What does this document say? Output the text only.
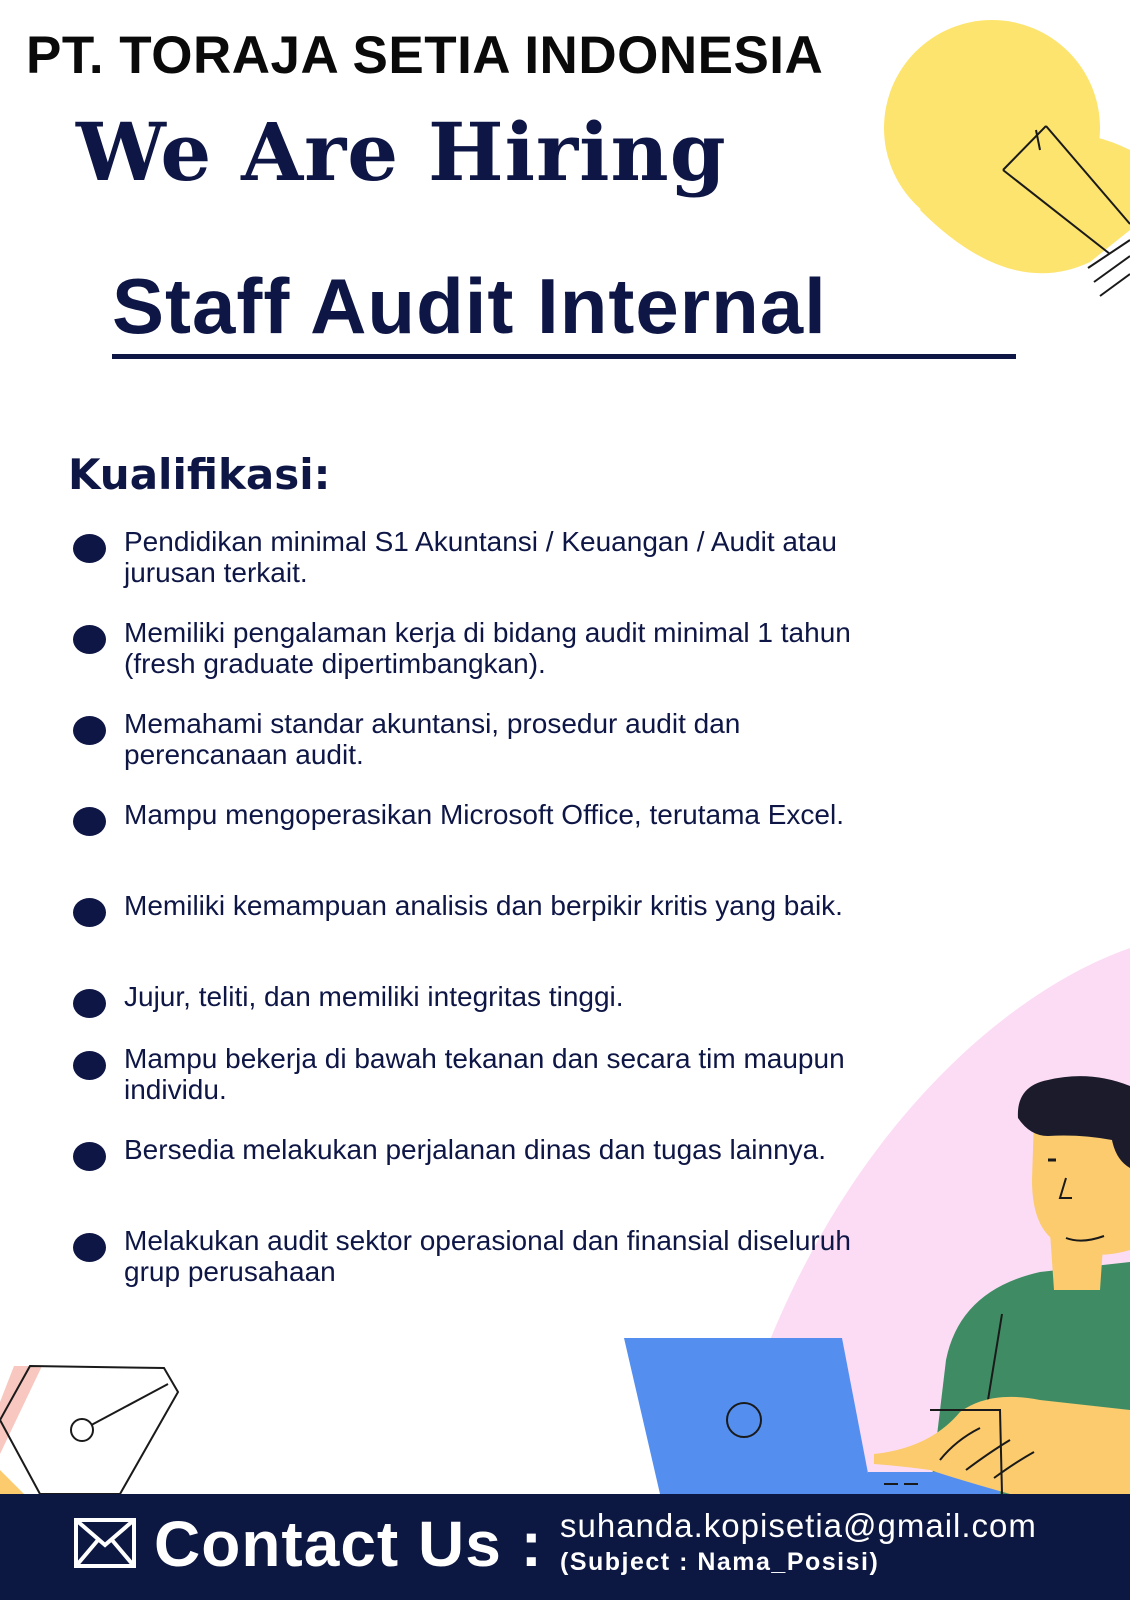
PT. TORAJA SETIA INDONESIA
We Are Hiring
Staff Audit Internal
Kualifikasi:

Pendidikan minimal S1 Akuntansi / Keuangan / Audit atau jurusan terkait.

Memiliki pengalaman kerja di bidang audit minimal 1 tahun (fresh graduate dipertimbangkan).

Memahami standar akuntansi, prosedur audit dan perencanaan audit.

Mampu mengoperasikan Microsoft Office, terutama Excel.

Memiliki kemampuan analisis dan berpikir kritis yang baik.

Jujur, teliti, dan memiliki integritas tinggi.

Mampu bekerja di bawah tekanan dan secara tim maupun individu.

Bersedia melakukan perjalanan dinas dan tugas lainnya.

Melakukan audit sektor operasional dan finansial diseluruh grup perusahaan

Contact Us : suhanda.kopisetia@gmail.com

(Subject : Nama_Posisi)
